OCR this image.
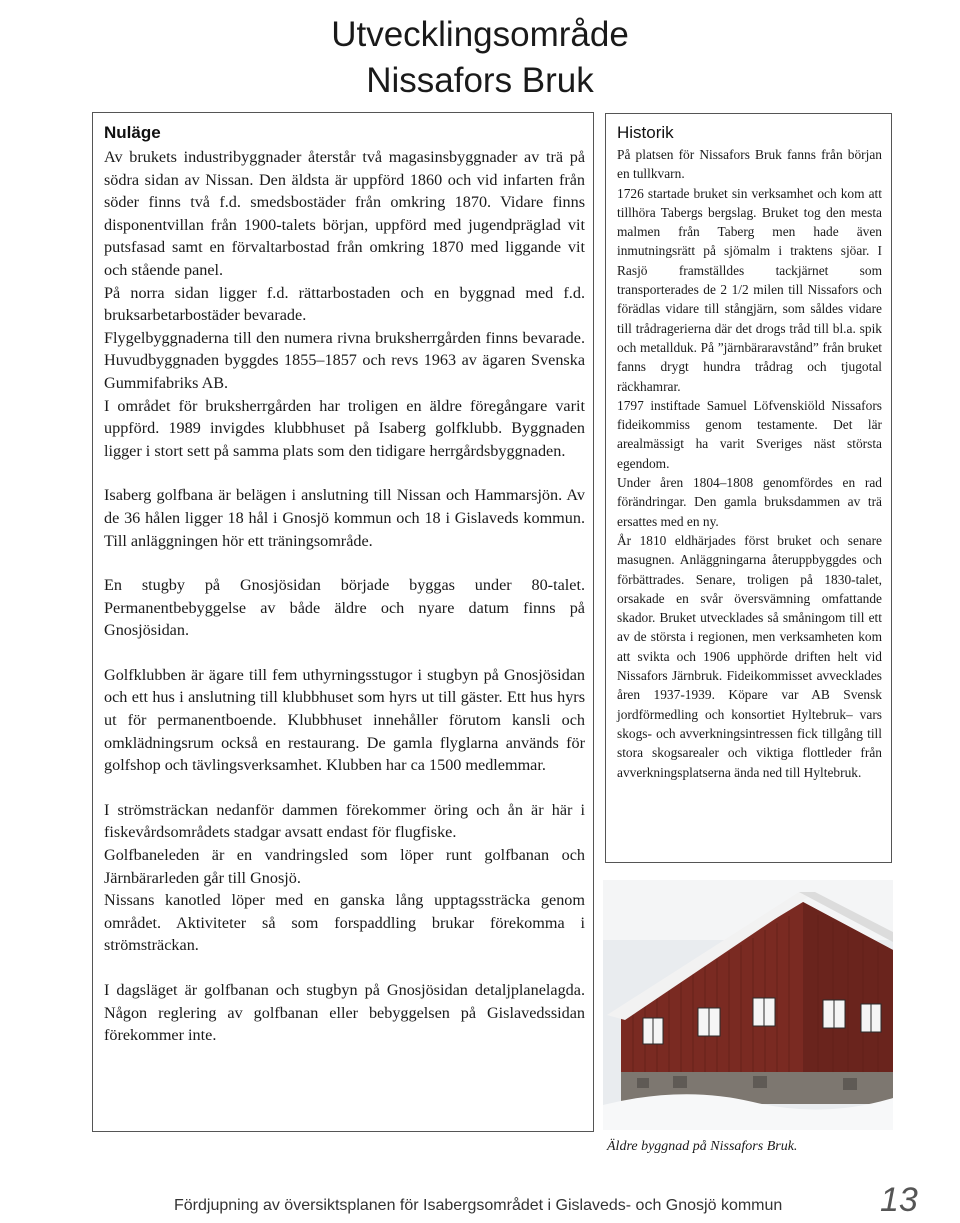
Utvecklingsområde
Nissafors Bruk
Nuläge

Av brukets industribyggnader återstår två magasinsbyggnader av trä på södra sidan av Nissan. Den äldsta är uppförd 1860 och vid infarten från söder finns två f.d. smedsbostäder från omkring 1870. Vidare finns disponentvillan från 1900-talets början, uppförd med jugendpräglad vit putsfasad samt en förvaltarbostad från omkring 1870 med liggande vit och stående panel.

På norra sidan ligger f.d. rättarbostaden och en byggnad med f.d. bruksarbetarbostäder bevarade.

Flygelbyggnaderna till den numera rivna bruksherrgården finns bevarade. Huvudbyggnaden byggdes 1855–1857 och revs 1963 av ägaren Svenska Gummifabriks AB.

I området för bruksherrgården har troligen en äldre föregångare varit uppförd. 1989 invigdes klubbhuset på Isaberg golfklubb. Byggnaden ligger i stort sett på samma plats som den tidigare herrgårdsbyggnaden.

Isaberg golfbana är belägen i anslutning till Nissan och Hammarsjön. Av de 36 hålen ligger 18 hål i Gnosjö kommun och 18 i Gislaveds kommun. Till anläggningen hör ett träningsområde.

En stugby på Gnosjösidan började byggas under 80-talet. Permanentbebyggelse av både äldre och nyare datum finns på Gnosjösidan.

Golfklubben är ägare till fem uthyrningsstugor i stugbyn på Gnosjösidan och ett hus i anslutning till klubbhuset som hyrs ut till gäster. Ett hus hyrs ut för permanentboende. Klubbhuset innehåller förutom kansli och omklädningsrum också en restaurang. De gamla flyglarna används för golfshop och tävlingsverksamhet. Klubben har ca 1500 medlemmar.

I strömsträckan nedanför dammen förekommer öring och ån är här i fiskevårdsområdets stadgar avsatt endast för flugfiske.

Golfbaneleden är en vandringsled som löper runt golfbanan och Järnbärarleden går till Gnosjö.

Nissans kanotled löper med en ganska lång upptagssträcka genom området. Aktiviteter så som forspaddling brukar förekomma i strömsträckan.

I dagsläget är golfbanan och stugbyn på Gnosjösidan detaljplanelagda. Någon reglering av golfbanan eller bebyggelsen på Gislavedssidan förekommer inte.

Historik

På platsen för Nissafors Bruk fanns från början en tullkvarn.

1726 startade bruket sin verksamhet och kom att tillhöra Tabergs bergslag. Bruket tog den mesta malmen från Taberg men hade även inmutningsrätt på sjömalm i traktens sjöar. I Rasjö framställdes tackjärnet som transporterades de 2 1/2 milen till Nissafors och förädlas vidare till stångjärn, som såldes vidare till trådragerierna där det drogs tråd till bl.a. spik och metallduk. På ”järnbäraravstånd” från bruket fanns drygt hundra trådrag och tjugotal räckhamrar.

1797 instiftade Samuel Löfvenskiöld Nissafors fideikommiss genom testamente. Det lär arealmässigt ha varit Sveriges näst största egendom.

Under åren 1804–1808 genomfördes en rad förändringar. Den gamla bruksdammen av trä ersattes med en ny.

År 1810 eldhärjades först bruket och senare masugnen. Anläggningarna återuppbyggdes och förbättrades. Senare, troligen på 1830-talet, orsakade en svår översvämning omfattande skador. Bruket utvecklades så småningom till ett av de största i regionen, men verksamheten kom att svikta och 1906 upphörde driften helt vid Nissafors Järnbruk. Fideikommisset avvecklades åren 1937-1939. Köpare var AB Svensk jordförmedling och konsortiet Hyltebruk– vars skogs- och avverkningsintressen fick tillgång till stora skogsarealer och viktiga flottleder från avverkningsplatserna ända ned till Hyltebruk.

Äldre byggnad på Nissafors Bruk.
Fördjupning av översiktsplanen för Isabergsområdet i Gislaveds- och Gnosjö kommun	13
